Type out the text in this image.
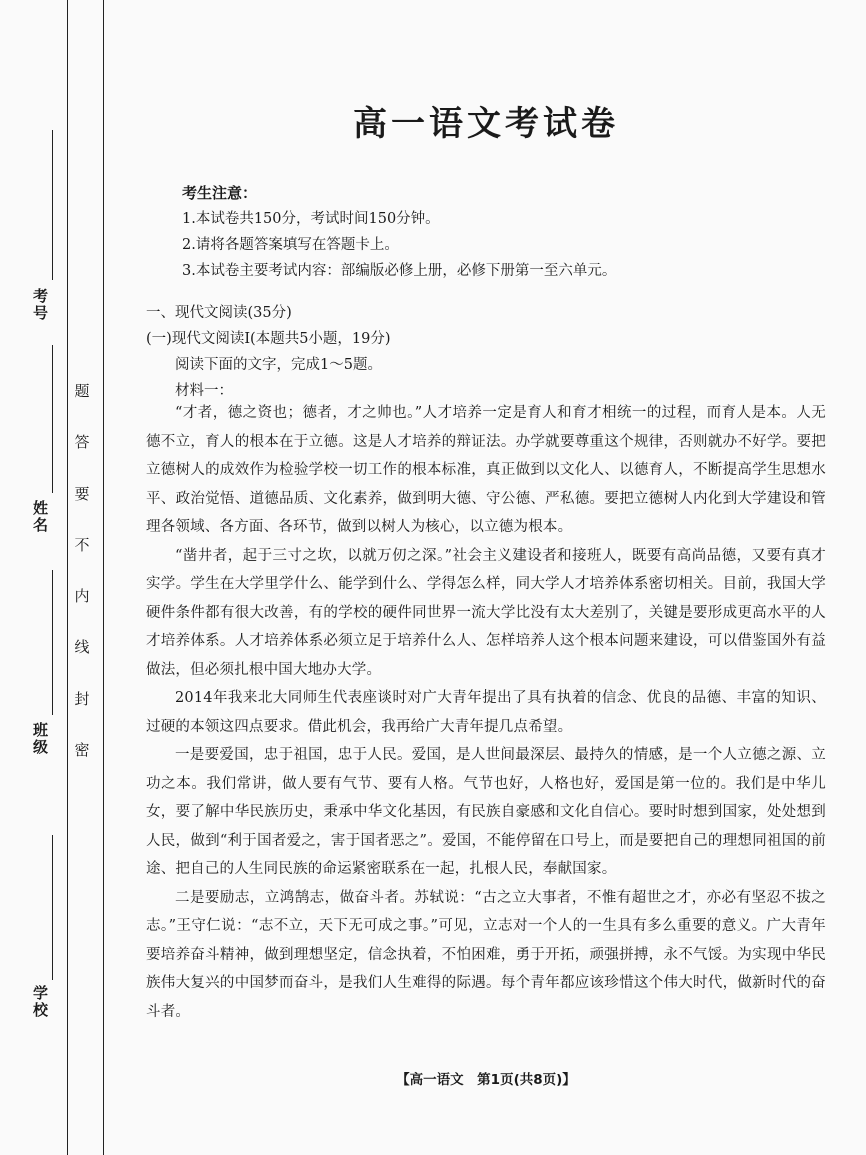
考号
姓名
班级
学校
题
答
要
不
内
线
封
密
高一语文考试卷
考生注意：
1.本试卷共150分，考试时间150分钟。
2.请将各题答案填写在答题卡上。
3.本试卷主要考试内容：部编版必修上册，必修下册第一至六单元。
一、现代文阅读(35分)
(一)现代文阅读Ⅰ(本题共5小题，19分)
阅读下面的文字，完成1～5题。
材料一：

“才者，德之资也；德者，才之帅也。”人才培养一定是育人和育才相统一的过程，而育人是本。人无德不立，育人的根本在于立德。这是人才培养的辩证法。办学就要尊重这个规律，否则就办不好学。要把立德树人的成效作为检验学校一切工作的根本标准，真正做到以文化人、以德育人，不断提高学生思想水平、政治觉悟、道德品质、文化素养，做到明大德、守公德、严私德。要把立德树人内化到大学建设和管理各领域、各方面、各环节，做到以树人为核心，以立德为根本。

“凿井者，起于三寸之坎，以就万仞之深。”社会主义建设者和接班人，既要有高尚品德，又要有真才实学。学生在大学里学什么、能学到什么、学得怎么样，同大学人才培养体系密切相关。目前，我国大学硬件条件都有很大改善，有的学校的硬件同世界一流大学比没有太大差别了，关键是要形成更高水平的人才培养体系。人才培养体系必须立足于培养什么人、怎样培养人这个根本问题来建设，可以借鉴国外有益做法，但必须扎根中国大地办大学。

2014年我来北大同师生代表座谈时对广大青年提出了具有执着的信念、优良的品德、丰富的知识、过硬的本领这四点要求。借此机会，我再给广大青年提几点希望。

一是要爱国，忠于祖国，忠于人民。爱国，是人世间最深层、最持久的情感，是一个人立德之源、立功之本。我们常讲，做人要有气节、要有人格。气节也好，人格也好，爱国是第一位的。我们是中华儿女，要了解中华民族历史，秉承中华文化基因，有民族自豪感和文化自信心。要时时想到国家，处处想到人民，做到“利于国者爱之，害于国者恶之”。爱国，不能停留在口号上，而是要把自己的理想同祖国的前途、把自己的人生同民族的命运紧密联系在一起，扎根人民，奉献国家。

二是要励志，立鸿鹄志，做奋斗者。苏轼说：“古之立大事者，不惟有超世之才，亦必有坚忍不拔之志。”王守仁说：“志不立，天下无可成之事。”可见，立志对一个人的一生具有多么重要的意义。广大青年要培养奋斗精神，做到理想坚定，信念执着，不怕困难，勇于开拓，顽强拼搏，永不气馁。为实现中华民族伟大复兴的中国梦而奋斗，是我们人生难得的际遇。每个青年都应该珍惜这个伟大时代，做新时代的奋斗者。

【高一语文　第1页(共8页)】
